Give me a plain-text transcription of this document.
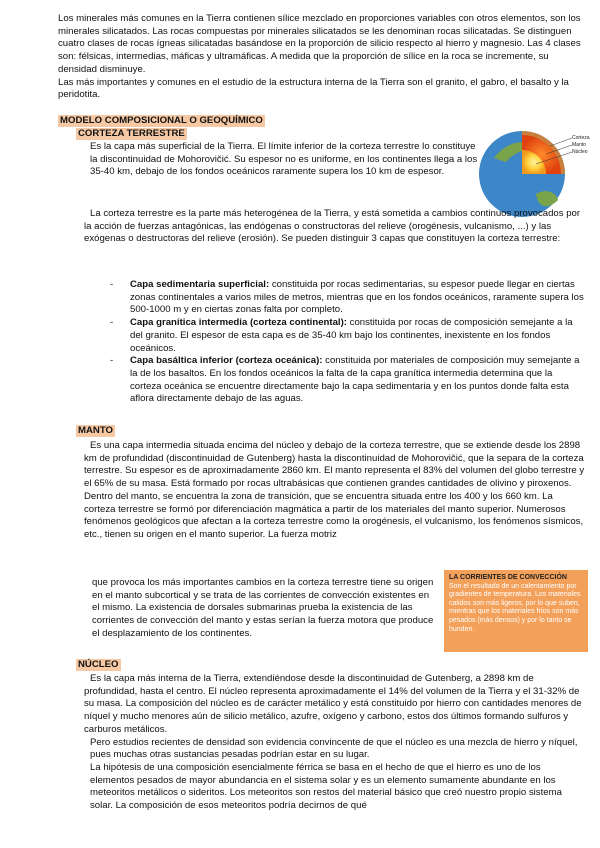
Los minerales más comunes en la Tierra contienen sílice mezclado en proporciones variables con otros elementos, son los minerales silicatados. Las rocas compuestas por minerales silicatados se les denominan rocas silicatadas. Se distinguen cuatro clases de rocas ígneas silicatadas basándose en la proporción de silicio respecto al hierro y magnesio. Las 4 clases son: félsicas, intermedias, máficas y ultramáficas. A medida que la proporción de sílice en la roca se incremente, su densidad disminuye.
Las más importantes y comunes en el estudio de la estructura interna de la Tierra son el granito, el gabro, el basalto y la peridotita.

MODELO COMPOSICIONAL O GEOQUÍMICO
CORTEZA TERRESTRE

Es la capa más superficial de la Tierra. El límite inferior de la corteza terrestre lo constituye la discontinuidad de Mohorovičić. Su espesor no es uniforme, en los continentes llega a los 35-40 km, debajo de los fondos oceánicos raramente supera los 10 km de espesor.

Corteza
Manto
Núcleo

La corteza terrestre es la parte más heterogénea de la Tierra, y está sometida a cambios continuos provocados por la acción de fuerzas antagónicas, las endógenas o constructoras del relieve (orogénesis, vulcanismo, ...) y las exógenas o destructoras del relieve (erosión). Se pueden distinguir 3 capas que constituyen la corteza terrestre:

- Capa sedimentaria superficial: constituida por rocas sedimentarias, su espesor puede llegar en ciertas zonas continentales a varios miles de metros, mientras que en los fondos oceánicos, raramente supera los 500-1000 m y en ciertas zonas falta por completo.
- Capa granítica intermedia (corteza continental): constituida por rocas de composición semejante a la del granito. El espesor de esta capa es de 35-40 km bajo los continentes, inexistente en los fondos oceánicos.
- Capa basáltica inferior (corteza oceánica): constituida por materiales de composición muy semejante a la de los basaltos. En los fondos oceánicos la falta de la capa granítica intermedia determina que la corteza oceánica se encuentre directamente bajo la capa sedimentaria y en los puntos donde falta esta aflora directamente debajo de las aguas.
MANTO

Es una capa intermedia situada encima del núcleo y debajo de la corteza terrestre, que se extiende desde los 2898 km de profundidad (discontinuidad de Gutenberg) hasta la discontinuidad de Mohorovičić, que la separa de la corteza terrestre. Su espesor es de aproximadamente 2860 km. El manto representa el 83% del volumen del globo terrestre y el 65% de su masa. Está formado por rocas ultrabásicas que contienen grandes cantidades de olivino y piroxenos. Dentro del manto, se encuentra la zona de transición, que se encuentra situada entre los 400 y los 660 km. La corteza terrestre se formó por diferenciación magmática a partir de los materiales del manto superior. Numerosos fenómenos geológicos que afectan a la corteza terrestre como la orogénesis, el vulcanismo, los fenómenos sísmicos, etc., tienen su origen en el manto superior. La fuerza motriz

que provoca los más importantes cambios en la corteza terrestre tiene su origen en el manto subcortical y se trata de las corrientes de convección existentes en el mismo. La existencia de dorsales submarinas prueba la existencia de las corrientes de convección del manto y estas serían la fuerza motora que produce el desplazamiento de los continentes.

LA CORRIENTES DE CONVECCIÓN
Son el resultado de un calentamiento por gradientes de temperatura. Los materiales calidos son más ligeros, por lo que suben, mientras que los materiales fríos son más pesados (más densos) y por lo tanto se hunden.
NÚCLEO

Es la capa más interna de la Tierra, extendiéndose desde la discontinuidad de Gutenberg, a 2898 km de profundidad, hasta el centro. El núcleo representa aproximadamente el 14% del volumen de la Tierra y el 31-32% de su masa. La composición del núcleo es de carácter metálico y está constituido por hierro con cantidades menores de níquel y mucho menores aún de silicio metálico, azufre, oxígeno y carbono, estos dos últimos formando sulfuros y carburos metálicos.

Pero estudios recientes de densidad son evidencia convincente de que el núcleo es una mezcla de hierro y níquel, pues muchas otras sustancias pesadas podrían estar en su lugar.

La hipótesis de una composición esencialmente férrica se basa en el hecho de que el hierro es uno de los elementos pesados de mayor abundancia en el sistema solar y es un elemento sumamente abundante en los meteoritos metálicos o sideritos. Los meteoritos son restos del material básico que creó nuestro propio sistema solar. La composición de esos meteoritos podría decirnos de qué
